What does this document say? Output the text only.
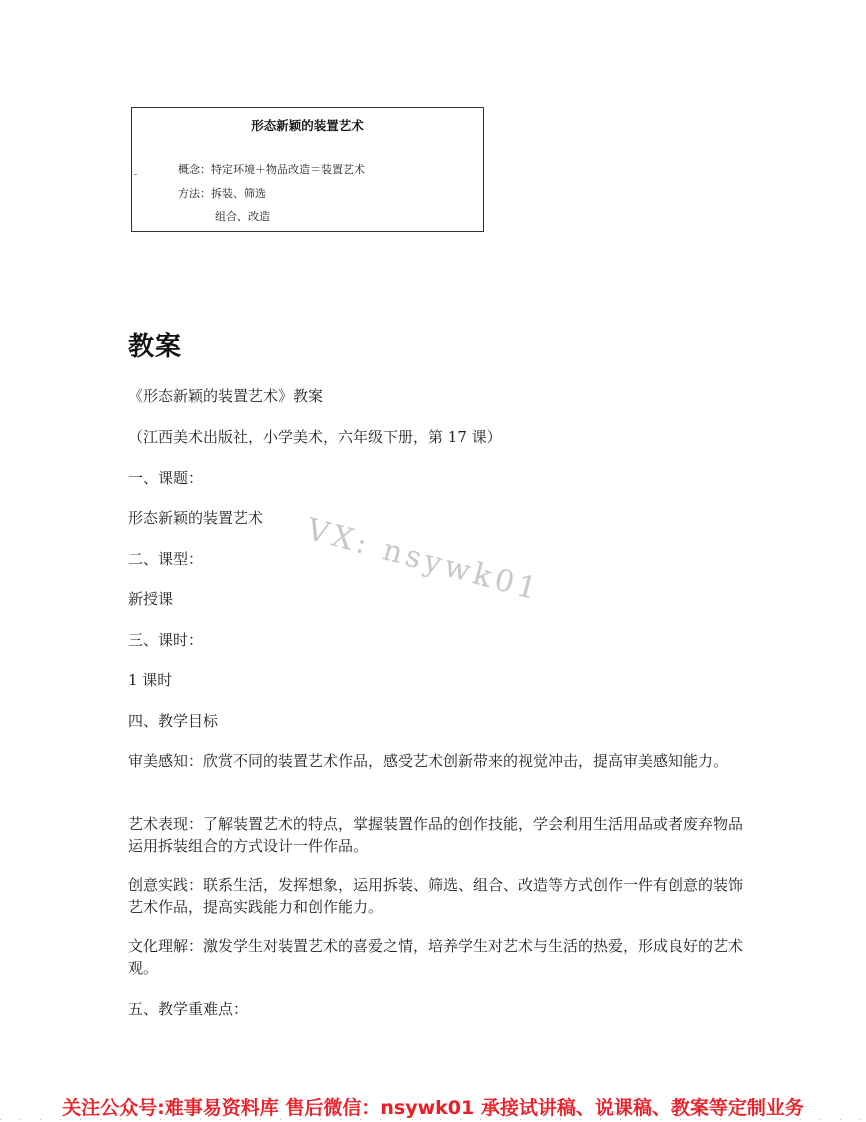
形态新颖的装置艺术
概念：特定环境＋物品改造＝装置艺术
方法：拆装、筛选
组合、改造
教案
《形态新颖的装置艺术》教案
（江西美术出版社，小学美术，六年级下册，第 17 课）
一、课题：
形态新颖的装置艺术
二、课型：
新授课
三、课时：
1 课时
四、教学目标
审美感知：欣赏不同的装置艺术作品，感受艺术创新带来的视觉冲击，提高审美感知能力。
艺术表现：了解装置艺术的特点，掌握装置作品的创作技能，学会利用生活用品或者废弃物品运用拆装组合的方式设计一件作品。
创意实践：联系生活，发挥想象，运用拆装、筛选、组合、改造等方式创作一件有创意的装饰艺术作品，提高实践能力和创作能力。
文化理解：激发学生对装置艺术的喜爱之情，培养学生对艺术与生活的热爱，形成良好的艺术观。
五、教学重难点：
VX: nsywk01
关注公众号:难事易资料库 售后微信：nsywk01 承接试讲稿、说课稿、教案等定制业务
